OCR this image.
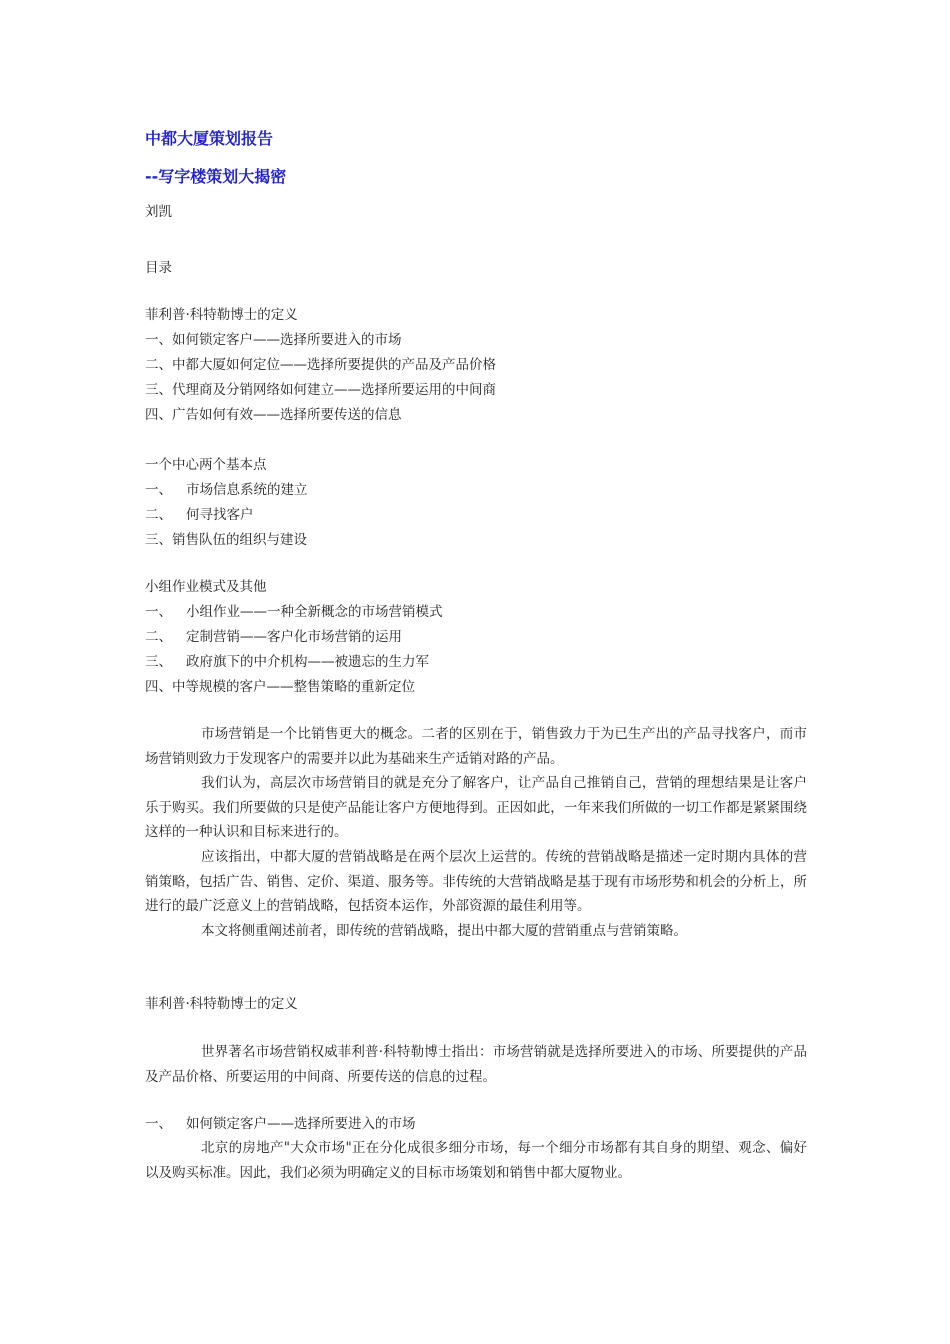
中都大厦策划报告
--写字楼策划大揭密
刘凯
目录
菲利普·科特勒博士的定义
一、如何锁定客户——选择所要进入的市场
二、中都大厦如何定位——选择所要提供的产品及产品价格
三、代理商及分销网络如何建立——选择所要运用的中间商
四、广告如何有效——选择所要传送的信息
一个中心两个基本点
一、 市场信息系统的建立
二、 何寻找客户
三、销售队伍的组织与建设
小组作业模式及其他
一、 小组作业——一种全新概念的市场营销模式
二、 定制营销——客户化市场营销的运用
三、 政府旗下的中介机构——被遗忘的生力军
四、中等规模的客户——整售策略的重新定位
市场营销是一个比销售更大的概念。二者的区别在于，销售致力于为已生产出的产品寻找客户，而市场营销则致力于发现客户的需要并以此为基础来生产适销对路的产品。
我们认为，高层次市场营销目的就是充分了解客户，让产品自己推销自己，营销的理想结果是让客户乐于购买。我们所要做的只是使产品能让客户方便地得到。正因如此，一年来我们所做的一切工作都是紧紧围绕这样的一种认识和目标来进行的。
应该指出，中都大厦的营销战略是在两个层次上运营的。传统的营销战略是描述一定时期内具体的营销策略，包括广告、销售、定价、渠道、服务等。非传统的大营销战略是基于现有市场形势和机会的分析上，所进行的最广泛意义上的营销战略，包括资本运作，外部资源的最佳利用等。
本文将侧重阐述前者，即传统的营销战略，提出中都大厦的营销重点与营销策略。
菲利普·科特勒博士的定义
世界著名市场营销权威菲利普·科特勒博士指出：市场营销就是选择所要进入的市场、所要提供的产品及产品价格、所要运用的中间商、所要传送的信息的过程。
一、 如何锁定客户——选择所要进入的市场
北京的房地产"大众市场"正在分化成很多细分市场，每一个细分市场都有其自身的期望、观念、偏好以及购买标准。因此，我们必须为明确定义的目标市场策划和销售中都大厦物业。
